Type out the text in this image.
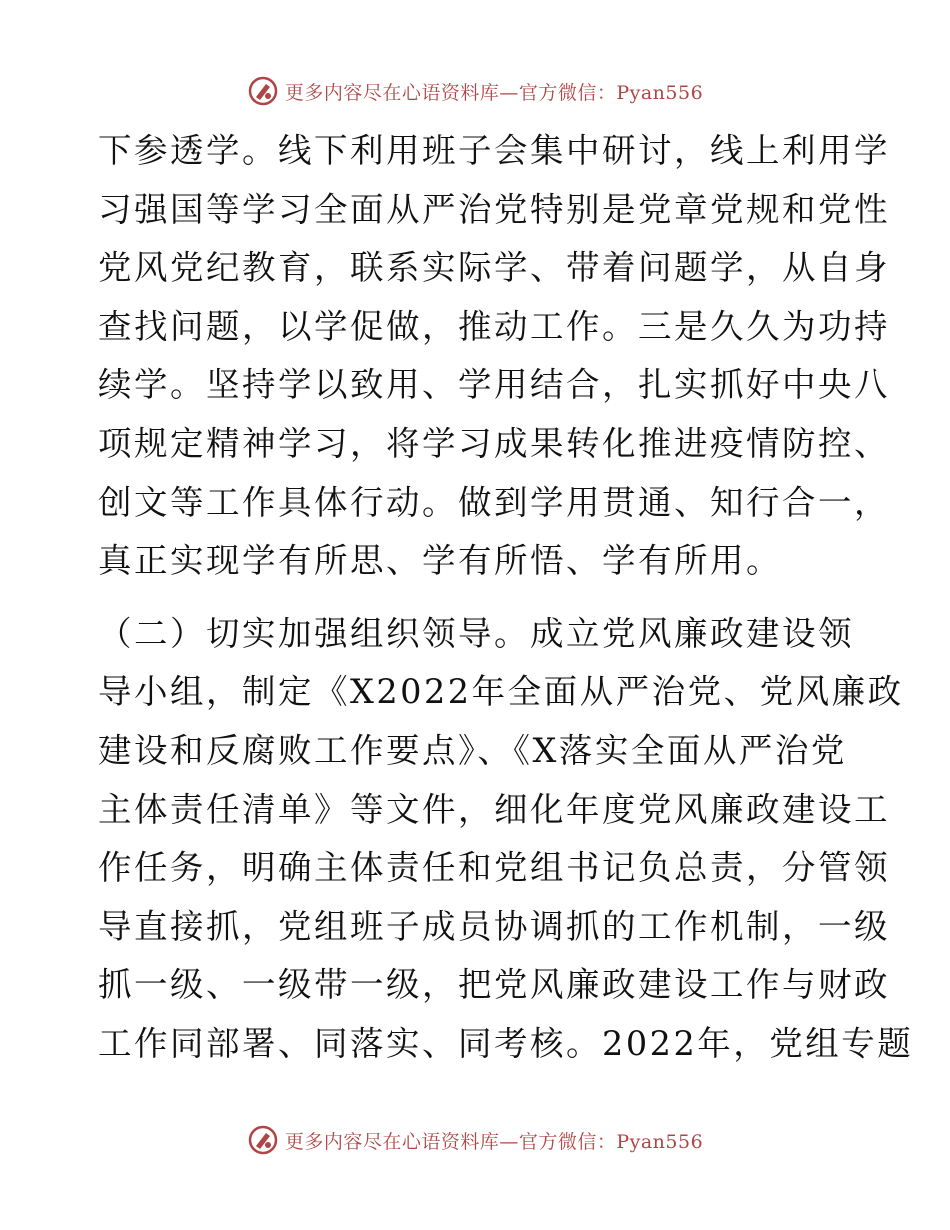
更多内容尽在心语资料库—官方微信：Pyan556

下参透学。线下利用班子会集中研讨，线上利用学
习强国等学习全面从严治党特别是党章党规和党性
党风党纪教育，联系实际学、带着问题学，从自身
查找问题，以学促做，推动工作。三是久久为功持
续学。坚持学以致用、学用结合，扎实抓好中央八
项规定精神学习，将学习成果转化推进疫情防控、
创文等工作具体行动。做到学用贯通、知行合一，
真正实现学有所思、学有所悟、学有所用。

（二）切实加强组织领导。成立党风廉政建设领
导小组，制定《X2022年全面从严治党、党风廉政
建设和反腐败工作要点》、《X落实全面从严治党
主体责任清单》等文件，细化年度党风廉政建设工
作任务，明确主体责任和党组书记负总责，分管领
导直接抓，党组班子成员协调抓的工作机制，一级
抓一级、一级带一级，把党风廉政建设工作与财政
工作同部署、同落实、同考核。2022年，党组专题

更多内容尽在心语资料库—官方微信：Pyan556
